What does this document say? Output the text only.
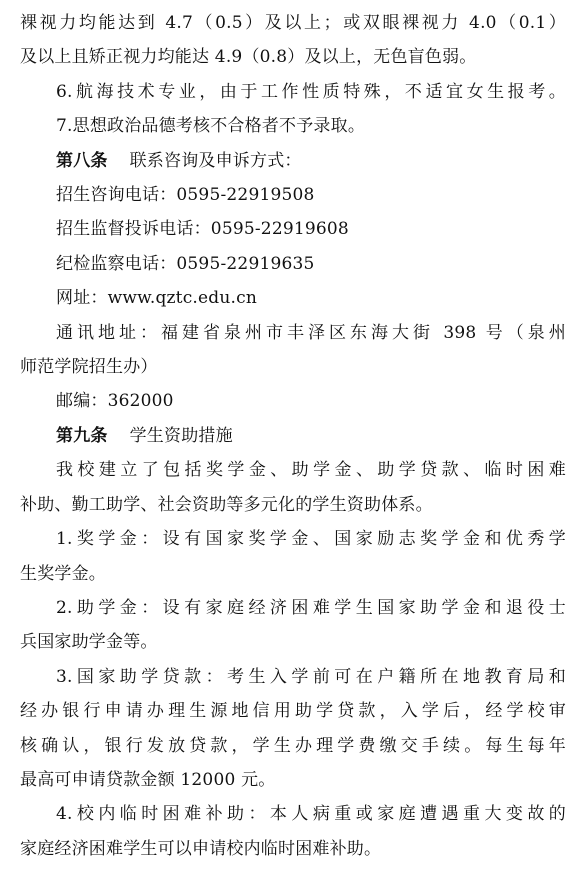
裸视力均能达到 4.7（0.5）及以上；或双眼裸视力 4.0（0.1）
及以上且矫正视力均能达 4.9（0.8）及以上，无色盲色弱。
6.航海技术专业，由于工作性质特殊，不适宜女生报考。
7.思想政治品德考核不合格者不予录取。
第八条 联系咨询及申诉方式：
招生咨询电话：0595-22919508
招生监督投诉电话：0595-22919608
纪检监察电话：0595-22919635
网址：www.qztc.edu.cn
通讯地址：福建省泉州市丰泽区东海大街 398 号（泉州
师范学院招生办）
邮编：362000
第九条 学生资助措施
我校建立了包括奖学金、助学金、助学贷款、临时困难
补助、勤工助学、社会资助等多元化的学生资助体系。
1.奖学金：设有国家奖学金、国家励志奖学金和优秀学
生奖学金。
2.助学金：设有家庭经济困难学生国家助学金和退役士
兵国家助学金等。
3.国家助学贷款：考生入学前可在户籍所在地教育局和
经办银行申请办理生源地信用助学贷款，入学后，经学校审
核确认，银行发放贷款，学生办理学费缴交手续。每生每年
最高可申请贷款金额 12000 元。
4.校内临时困难补助：本人病重或家庭遭遇重大变故的
家庭经济困难学生可以申请校内临时困难补助。
